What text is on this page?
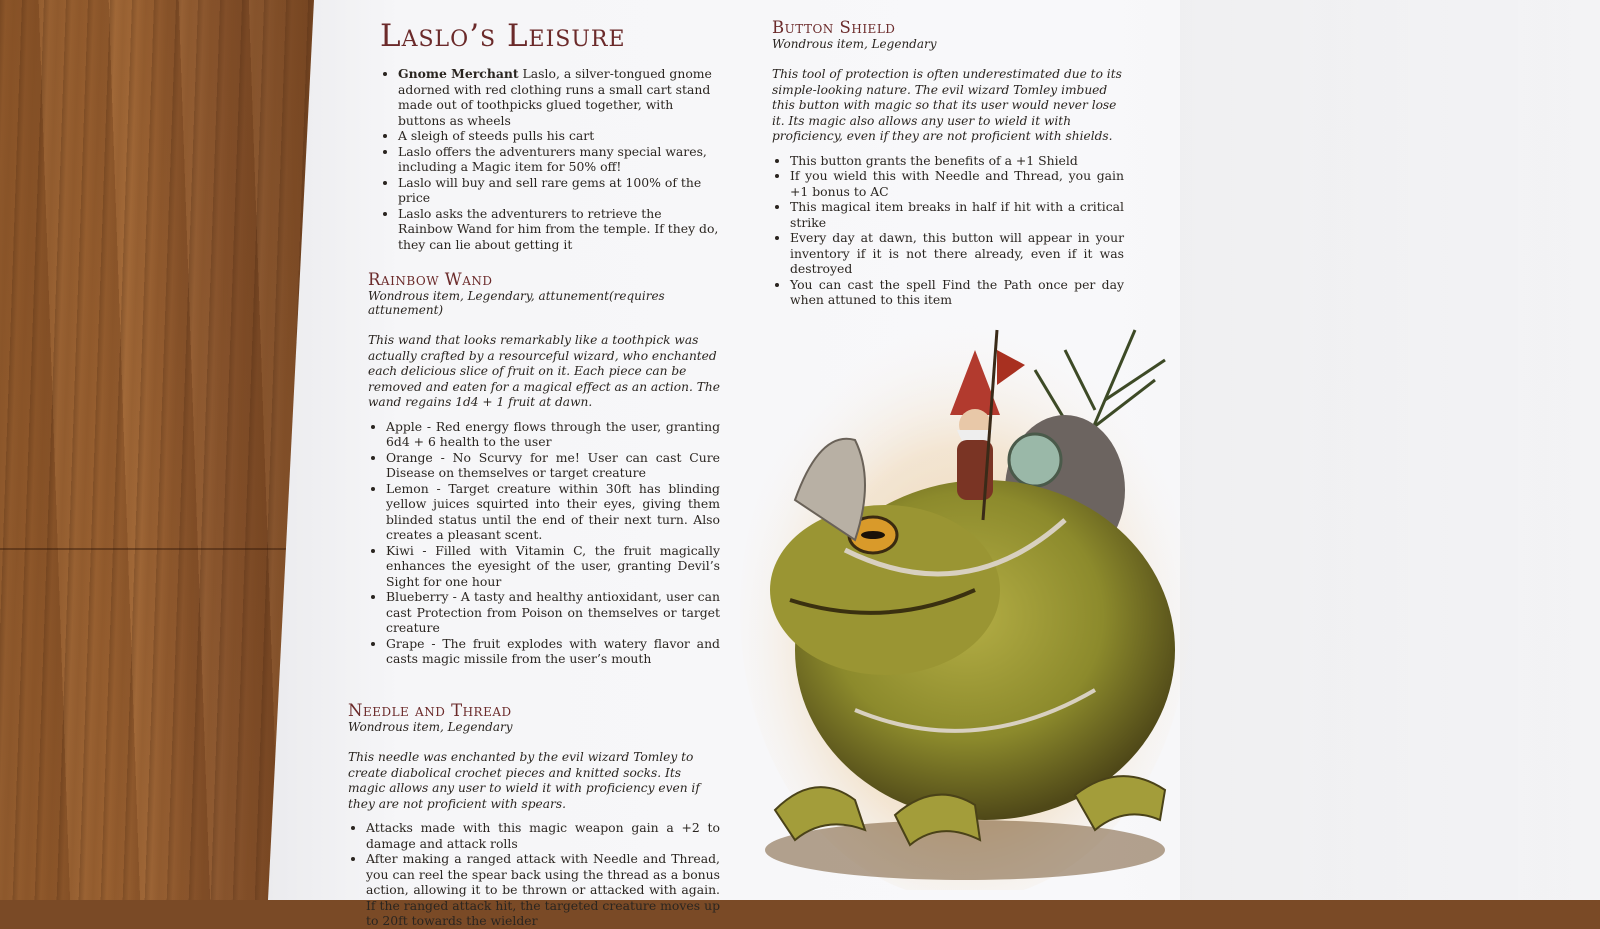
Laslo’s Leisure
• Gnome Merchant Laslo, a silver-tongued gnome adorned with red clothing runs a small cart stand made out of toothpicks glued together, with buttons as wheels
• A sleigh of steeds pulls his cart
• Laslo offers the adventurers many special wares, including a Magic item for 50% off!
• Laslo will buy and sell rare gems at 100% of the price
• Laslo asks the adventurers to retrieve the Rainbow Wand for him from the temple. If they do, they can lie about getting it
Rainbow Wand

Wondrous item, Legendary, attunement(requires attunement)

This wand that looks remarkably like a toothpick was actually crafted by a resourceful wizard, who enchanted each delicious slice of fruit on it. Each piece can be removed and eaten for a magical effect as an action. The wand regains 1d4 + 1 fruit at dawn.

• Apple - Red energy flows through the user, granting 6d4 + 6 health to the user
• Orange - No Scurvy for me! User can cast Cure Disease on themselves or target creature
• Lemon - Target creature within 30ft has blinding yellow juices squirted into their eyes, giving them blinded status until the end of their next turn. Also creates a pleasant scent.
• Kiwi - Filled with Vitamin C, the fruit magically enhances the eyesight of the user, granting Devil’s Sight for one hour
• Blueberry - A tasty and healthy antioxidant, user can cast Protection from Poison on themselves or target creature
• Grape - The fruit explodes with watery flavor and casts magic missile from the user’s mouth
Needle and Thread

Wondrous item, Legendary

This needle was enchanted by the evil wizard Tomley to create diabolical crochet pieces and knitted socks. Its magic allows any user to wield it with proficiency even if they are not proficient with spears.

• Attacks made with this magic weapon gain a +2 to damage and attack rolls
• After making a ranged attack with Needle and Thread, you can reel the spear back using the thread as a bonus action, allowing it to be thrown or attacked with again. If the ranged attack hit, the targeted creature moves up to 20ft towards the wielder
Button Shield

Wondrous item, Legendary

This tool of protection is often underestimated due to its simple-looking nature. The evil wizard Tomley imbued this button with magic so that its user would never lose it. Its magic also allows any user to wield it with proficiency, even if they are not proficient with shields.

• This button grants the benefits of a +1 Shield
• If you wield this with Needle and Thread, you gain +1 bonus to AC
• This magical item breaks in half if hit with a critical strike
• Every day at dawn, this button will appear in your inventory if it is not there already, even if it was destroyed
• You can cast the spell Find the Path once per day when attuned to this item
